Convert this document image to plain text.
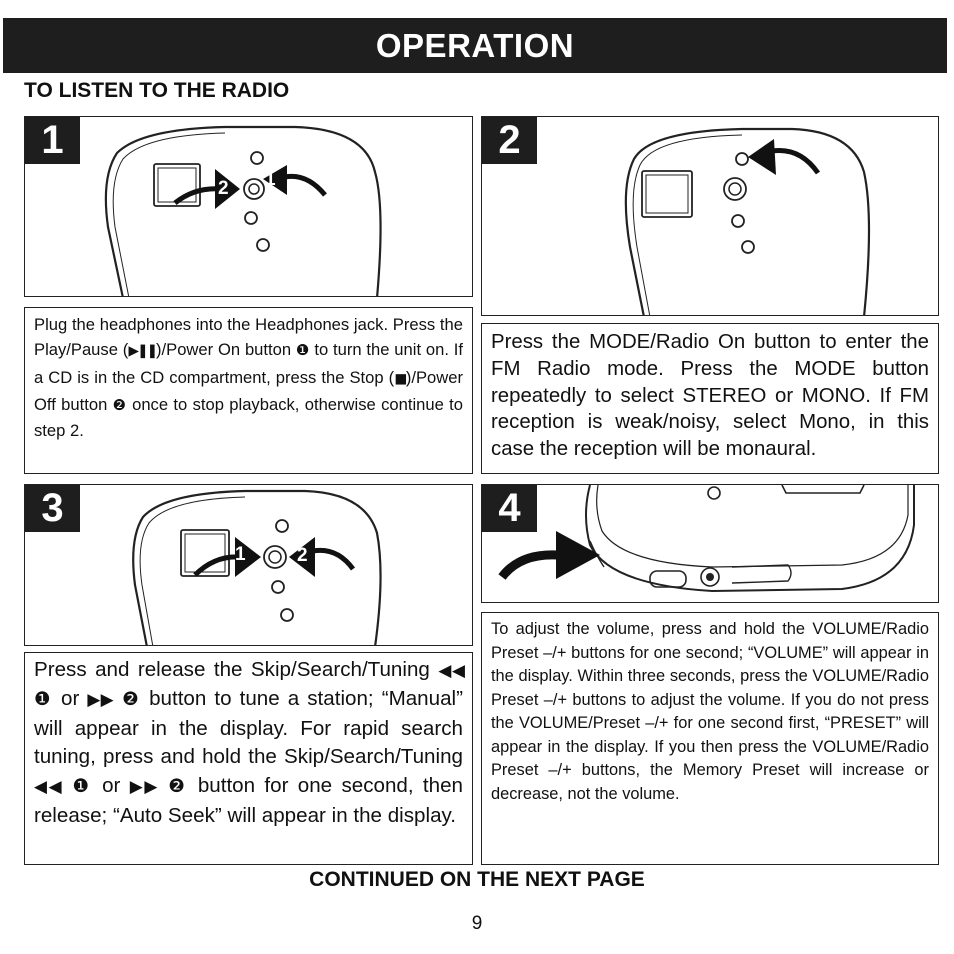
OPERATION
TO LISTEN TO THE RADIO
1
1
2

Plug the headphones into the Headphones jack. Press the Play/Pause (▶❚❚)/Power On button ❶ to turn the unit on. If a CD is in the CD compartment, press the Stop (■)/Power Off button ❷ once to stop playback, otherwise continue to step 2.

2

Press the MODE/Radio On button to enter the FM Radio mode. Press the MODE button repeatedly to select STEREO or MONO. If FM reception is weak/noisy, select Mono, in this case the reception will be monaural.

3
1	2

Press and release the Skip/Search/Tuning ◀◀ ❶ or ▶▶ ❷ button to tune a station; “Manual” will appear in the display. For rapid search tuning, press and hold the Skip/Search/Tuning ◀◀ ❶ or ▶▶ ❷ button for one second, then release; “Auto Seek” will appear in the display.

4

To adjust the volume, press and hold the VOLUME/Radio Preset –/+ buttons for one second; “VOLUME” will appear in the display. Within three seconds, press the VOLUME/Radio Preset –/+ buttons to adjust the volume. If you do not press the VOLUME/Preset –/+ for one second first, “PRESET” will appear in the display. If you then press the VOLUME/Radio Preset –/+ buttons, the Memory Preset will increase or decrease, not the volume.

CONTINUED ON THE NEXT PAGE
9
